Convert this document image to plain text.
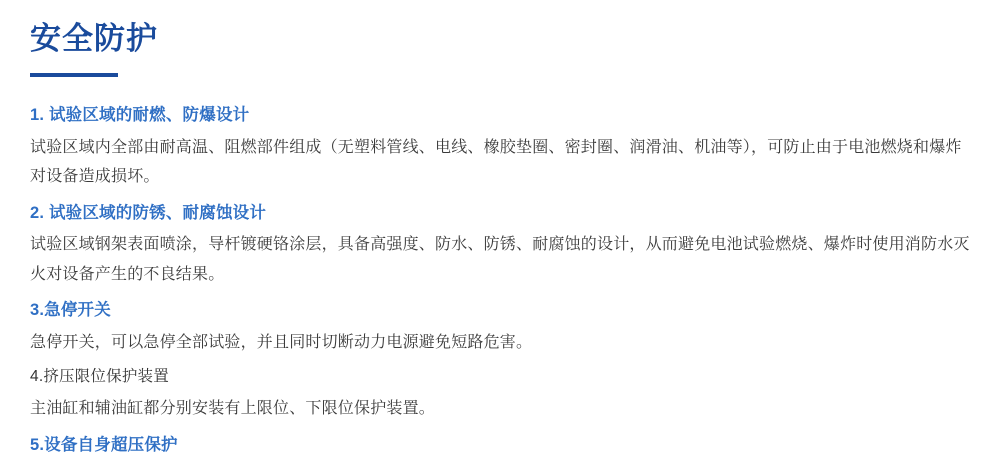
安全防护

1. 试验区域的耐燃、防爆设计

试验区域内全部由耐高温、阻燃部件组成（无塑料管线、电线、橡胶垫圈、密封圈、润滑油、机油等），可防止由于电池燃烧和爆炸对设备造成损坏。

2. 试验区域的防锈、耐腐蚀设计

试验区域钢架表面喷涂，导杆镀硬铬涂层，具备高强度、防水、防锈、耐腐蚀的设计，从而避免电池试验燃烧、爆炸时使用消防水灭火对设备产生的不良结果。

3.急停开关

急停开关，可以急停全部试验，并且同时切断动力电源避免短路危害。

4.挤压限位保护装置

主油缸和辅油缸都分别安装有上限位、下限位保护装置。

5.设备自身超压保护
